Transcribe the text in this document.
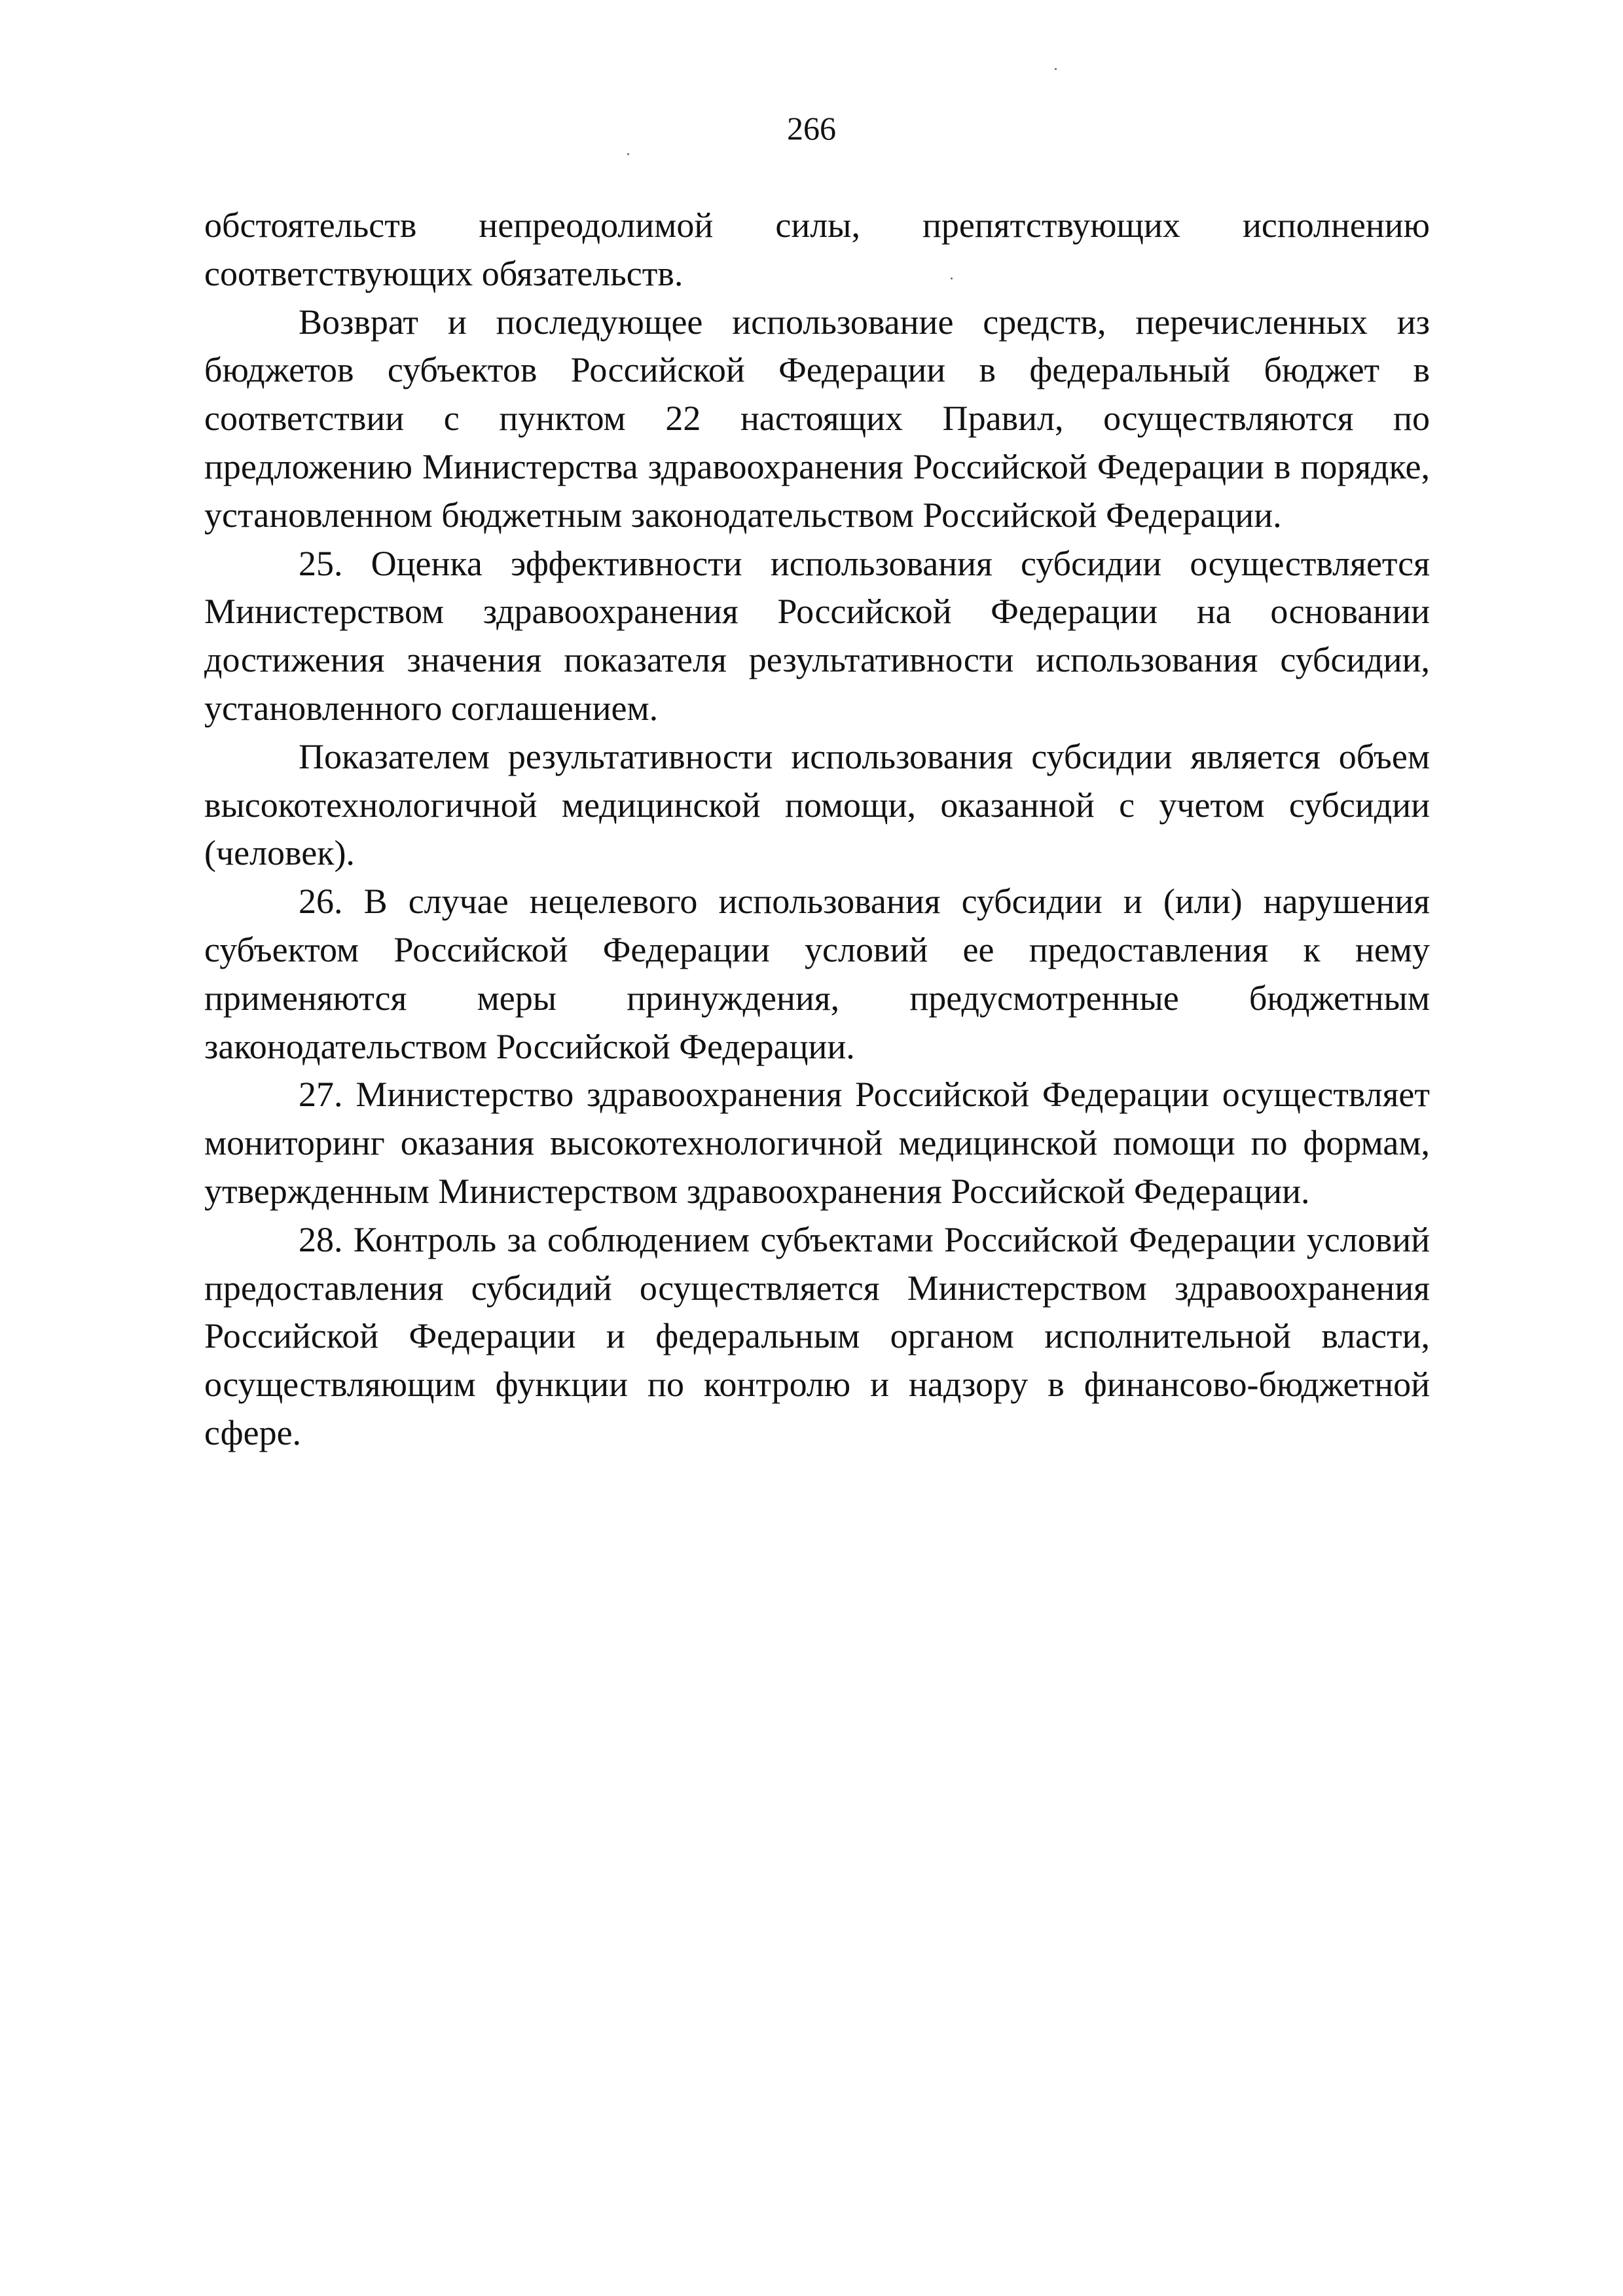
266

обстоятельств непреодолимой силы, препятствующих исполнению соответствующих обязательств.

Возврат и последующее использование средств, перечисленных из бюджетов субъектов Российской Федерации в федеральный бюджет в соответствии с пунктом 22 настоящих Правил, осуществляются по предложению Министерства здравоохранения Российской Федерации в порядке, установленном бюджетным законодательством Российской Федерации.

25. Оценка эффективности использования субсидии осуществляется Министерством здравоохранения Российской Федерации на основании достижения значения показателя результативности использования субсидии, установленного соглашением.

Показателем результативности использования субсидии является объем высокотехнологичной медицинской помощи, оказанной с учетом субсидии (человек).

26. В случае нецелевого использования субсидии и (или) нарушения субъектом Российской Федерации условий ее предоставления к нему применяются меры принуждения, предусмотренные бюджетным законодательством Российской Федерации.

27. Министерство здравоохранения Российской Федерации осуществляет мониторинг оказания высокотехнологичной медицинской помощи по формам, утвержденным Министерством здравоохранения Российской Федерации.

28. Контроль за соблюдением субъектами Российской Федерации условий предоставления субсидий осуществляется Министерством здравоохранения Российской Федерации и федеральным органом исполнительной власти, осуществляющим функции по контролю и надзору в финансово-бюджетной сфере.
